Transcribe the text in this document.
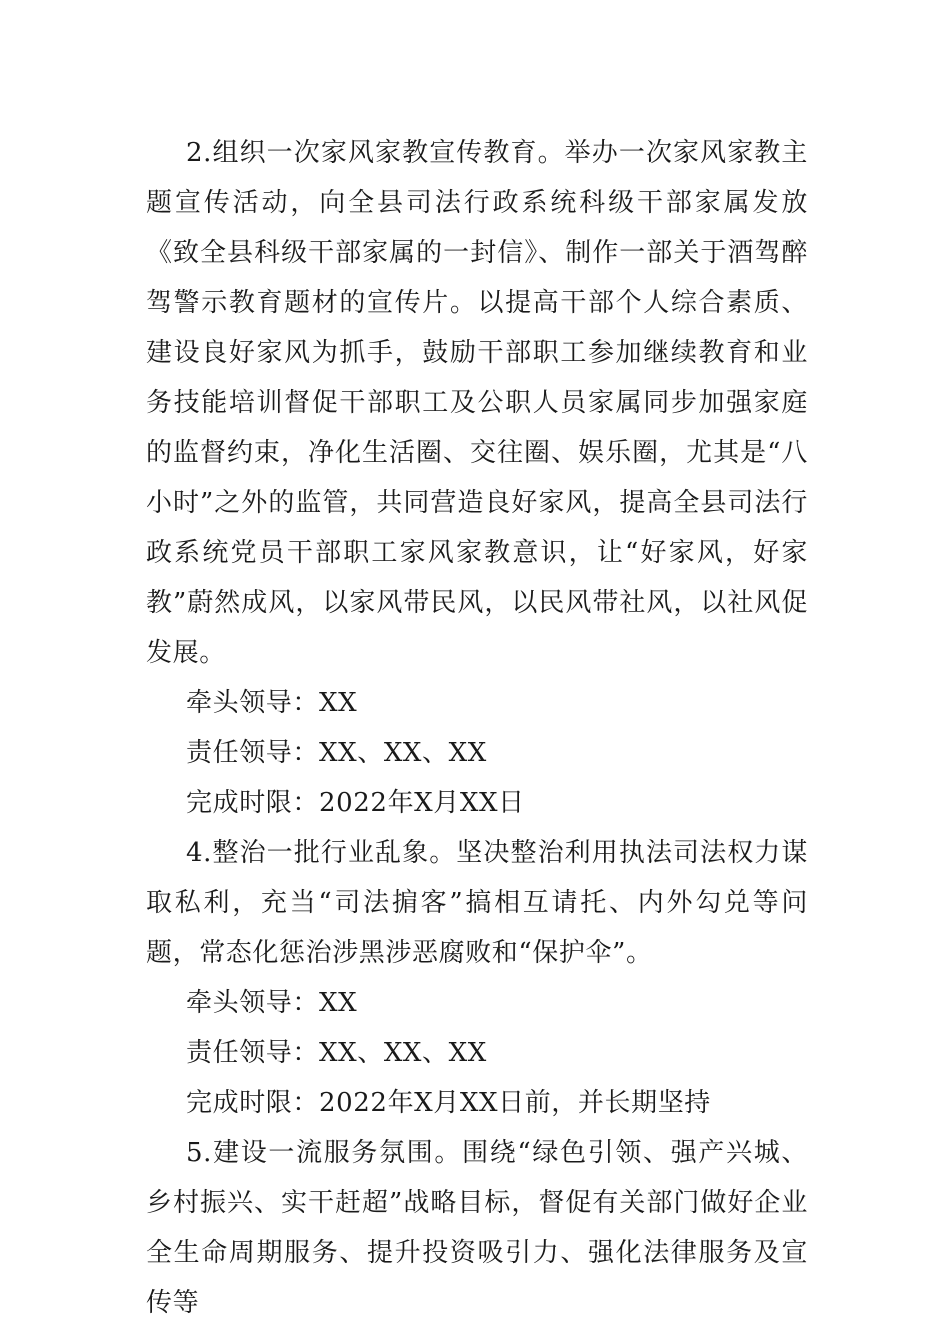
2.组织一次家风家教宣传教育。举办一次家风家教主题宣传活动，向全县司法行政系统科级干部家属发放《致全县科级干部家属的一封信》、制作一部关于酒驾醉驾警示教育题材的宣传片。以提高干部个人综合素质、建设良好家风为抓手，鼓励干部职工参加继续教育和业务技能培训督促干部职工及公职人员家属同步加强家庭的监督约束，净化生活圈、交往圈、娱乐圈，尤其是“八小时”之外的监管，共同营造良好家风，提高全县司法行政系统党员干部职工家风家教意识，让“好家风，好家教”蔚然成风，以家风带民风，以民风带社风，以社风促发展。

牵头领导：XX

责任领导：XX、XX、XX

完成时限：2022年X月XX日

4.整治一批行业乱象。坚决整治利用执法司法权力谋取私利，充当“司法掮客”搞相互请托、内外勾兑等问题，常态化惩治涉黑涉恶腐败和“保护伞”。

牵头领导：XX

责任领导：XX、XX、XX

完成时限：2022年X月XX日前，并长期坚持

5.建设一流服务氛围。围绕“绿色引领、强产兴城、乡村振兴、实干赶超”战略目标，督促有关部门做好企业全生命周期服务、提升投资吸引力、强化法律服务及宣传等
